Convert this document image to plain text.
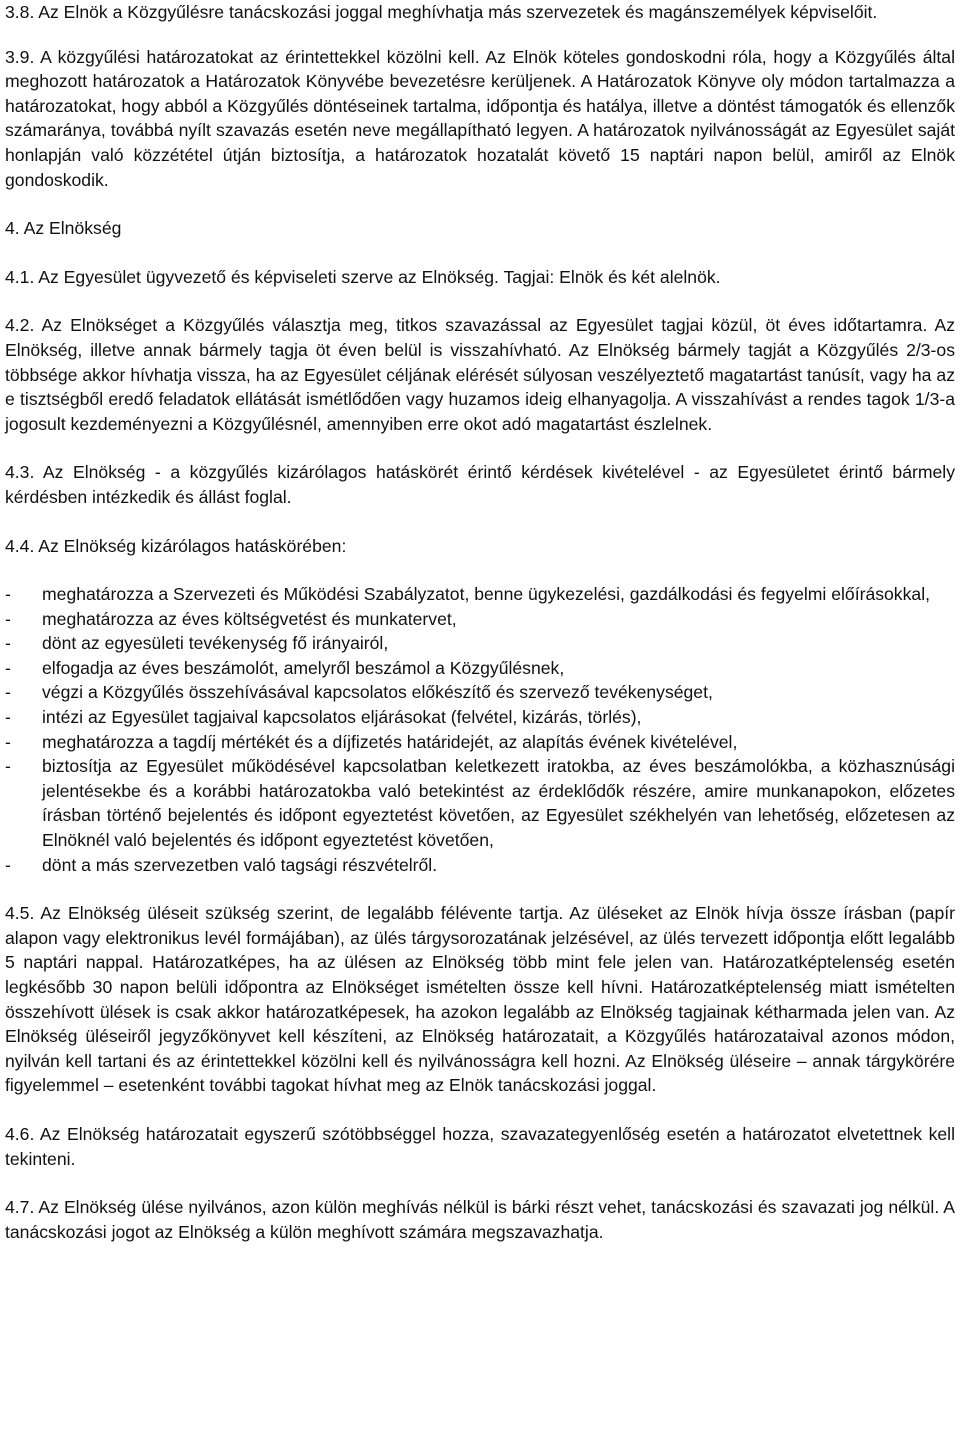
3.8. Az Elnök a Közgyűlésre tanácskozási joggal meghívhatja más szervezetek és magánszemélyek képviselőit.

3.9. A közgyűlési határozatokat az érintettekkel közölni kell. Az Elnök köteles gondoskodni róla, hogy a Közgyűlés által meghozott határozatok a Határozatok Könyvébe bevezetésre kerüljenek. A Határozatok Könyve oly módon tartalmazza a határozatokat, hogy abból a Közgyűlés döntéseinek tartalma, időpontja és hatálya, illetve a döntést támogatók és ellenzők számaránya, továbbá nyílt szavazás esetén neve megállapítható legyen. A határozatok nyilvánosságát az Egyesület saját honlapján való közzététel útján biztosítja, a határozatok hozatalát követő 15 naptári napon belül, amiről az Elnök gondoskodik.

4. Az Elnökség

4.1. Az Egyesület ügyvezető és képviseleti szerve az Elnökség. Tagjai: Elnök és két alelnök.

4.2. Az Elnökséget a Közgyűlés választja meg, titkos szavazással az Egyesület tagjai közül, öt éves időtartamra. Az Elnökség, illetve annak bármely tagja öt éven belül is visszahívható. Az Elnökség bármely tagját a Közgyűlés 2/3-os többsége akkor hívhatja vissza, ha az Egyesület céljának elérését súlyosan veszélyeztető magatartást tanúsít, vagy ha az e tisztségből eredő feladatok ellátását ismétlődően vagy huzamos ideig elhanyagolja. A visszahívást a rendes tagok 1/3-a jogosult kezdeményezni a Közgyűlésnél, amennyiben erre okot adó magatartást észlelnek.

4.3. Az Elnökség - a közgyűlés kizárólagos hatáskörét érintő kérdések kivételével - az Egyesületet érintő bármely kérdésben intézkedik és állást foglal.

4.4. Az Elnökség kizárólagos hatáskörében:

- meghatározza a Szervezeti és Működési Szabályzatot, benne ügykezelési, gazdálkodási és fegyelmi előírásokkal,
- meghatározza az éves költségvetést és munkatervet,
- dönt az egyesületi tevékenység fő irányairól,
- elfogadja az éves beszámolót, amelyről beszámol a Közgyűlésnek,
- végzi a Közgyűlés összehívásával kapcsolatos előkészítő és szervező tevékenységet,
- intézi az Egyesület tagjaival kapcsolatos eljárásokat (felvétel, kizárás, törlés),
- meghatározza a tagdíj mértékét és a díjfizetés határidejét, az alapítás évének kivételével,
- biztosítja az Egyesület működésével kapcsolatban keletkezett iratokba, az éves beszámolókba, a közhasznúsági jelentésekbe és a korábbi határozatokba való betekintést az érdeklődők részére, amire munkanapokon, előzetes írásban történő bejelentés és időpont egyeztetést követően, az Egyesület székhelyén van lehetőség, előzetesen az Elnöknél való bejelentés és időpont egyeztetést követően,
- dönt a más szervezetben való tagsági részvételről.

4.5. Az Elnökség üléseit szükség szerint, de legalább félévente tartja. Az üléseket az Elnök hívja össze írásban (papír alapon vagy elektronikus levél formájában), az ülés tárgysorozatának jelzésével, az ülés tervezett időpontja előtt legalább 5 naptári nappal. Határozatképes, ha az ülésen az Elnökség több mint fele jelen van. Határozatképtelenség esetén legkésőbb 30 napon belüli időpontra az Elnökséget ismételten össze kell hívni. Határozatképtelenség miatt ismételten összehívott ülések is csak akkor határozatképesek, ha azokon legalább az Elnökség tagjainak kétharmada jelen van. Az Elnökség üléseiről jegyzőkönyvet kell készíteni, az Elnökség határozatait, a Közgyűlés határozataival azonos módon, nyilván kell tartani és az érintettekkel közölni kell és nyilvánosságra kell hozni. Az Elnökség üléseire – annak tárgykörére figyelemmel – esetenként további tagokat hívhat meg az Elnök tanácskozási joggal.

4.6. Az Elnökség határozatait egyszerű szótöbbséggel hozza, szavazategyenlőség esetén a határozatot elvetettnek kell tekinteni.

4.7. Az Elnökség ülése nyilvános, azon külön meghívás nélkül is bárki részt vehet, tanácskozási és szavazati jog nélkül. A tanácskozási jogot az Elnökség a külön meghívott számára megszavazhatja.
